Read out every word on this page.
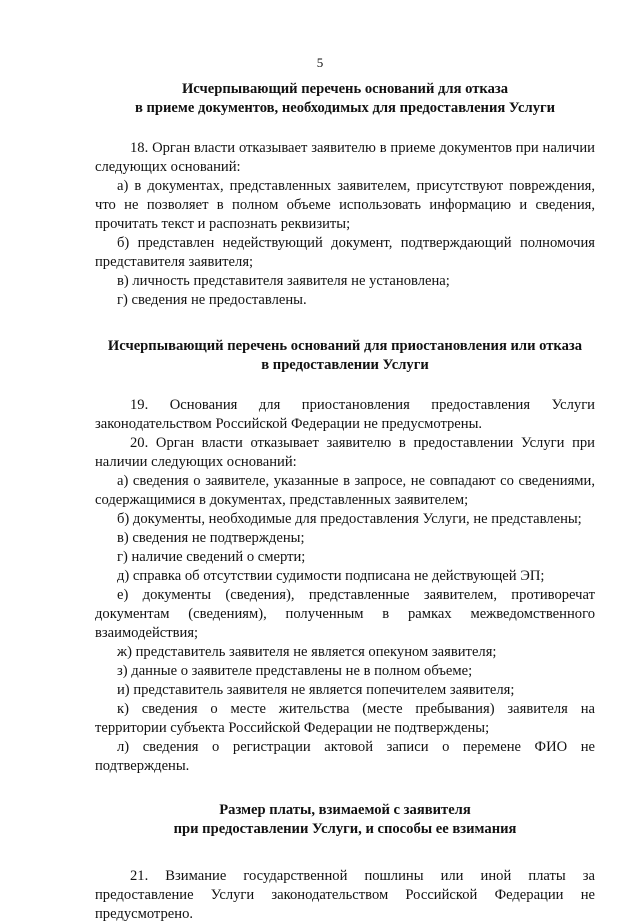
5
Исчерпывающий перечень оснований для отказа
в приеме документов, необходимых для предоставления Услуги

18. Орган власти отказывает заявителю в приеме документов при наличии следующих оснований:

а) в документах, представленных заявителем, присутствуют повреждения, что не позволяет в полном объеме использовать информацию и сведения, прочитать текст и распознать реквизиты;

б) представлен недействующий документ, подтверждающий полномочия представителя заявителя;

в) личность представителя заявителя не установлена;

г) сведения не предоставлены.

Исчерпывающий перечень оснований для приостановления или отказа
в предоставлении Услуги

19. Основания для приостановления предоставления Услуги законодательством Российской Федерации не предусмотрены.

20. Орган власти отказывает заявителю в предоставлении Услуги при наличии следующих оснований:

а) сведения о заявителе, указанные в запросе, не совпадают со сведениями, содержащимися в документах, представленных заявителем;

б) документы, необходимые для предоставления Услуги, не представлены;

в) сведения не подтверждены;

г) наличие сведений о смерти;

д) справка об отсутствии судимости подписана не действующей ЭП;

е) документы (сведения), представленные заявителем, противоречат документам (сведениям), полученным в рамках межведомственного взаимодействия;

ж) представитель заявителя не является опекуном заявителя;

з) данные о заявителе представлены не в полном объеме;

и) представитель заявителя не является попечителем заявителя;

к) сведения о месте жительства (месте пребывания) заявителя на территории субъекта Российской Федерации не подтверждены;

л) сведения о регистрации актовой записи о перемене ФИО не подтверждены.

Размер платы, взимаемой с заявителя
при предоставлении Услуги, и способы ее взимания

21. Взимание государственной пошлины или иной платы за предоставление Услуги законодательством Российской Федерации не предусмотрено.
